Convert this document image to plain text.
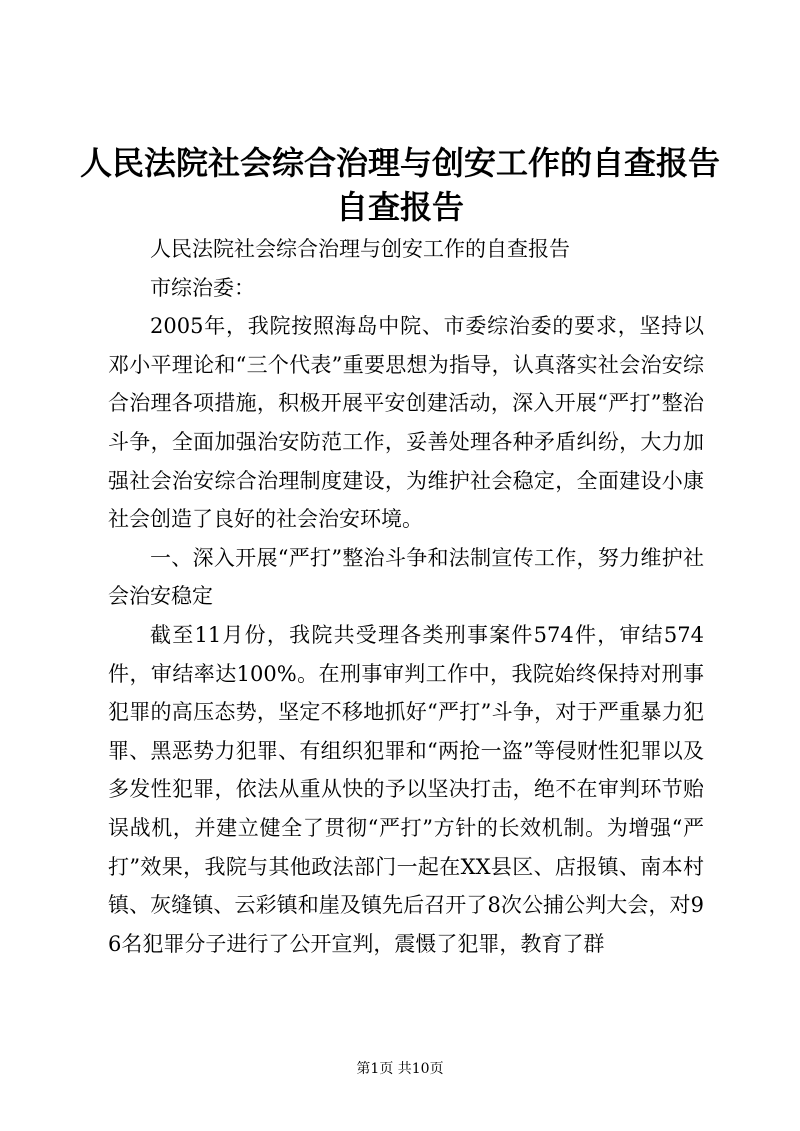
人民法院社会综合治理与创安工作的自查报告
自查报告

人民法院社会综合治理与创安工作的自查报告

市综治委：

2005年，我院按照海岛中院、市委综治委的要求，坚持以邓小平理论和“三个代表”重要思想为指导，认真落实社会治安综合治理各项措施，积极开展平安创建活动，深入开展“严打”整治斗争，全面加强治安防范工作，妥善处理各种矛盾纠纷，大力加强社会治安综合治理制度建设，为维护社会稳定，全面建设小康社会创造了良好的社会治安环境。

一、深入开展“严打”整治斗争和法制宣传工作，努力维护社会治安稳定

截至11月份，我院共受理各类刑事案件574件，审结574件，审结率达100%。在刑事审判工作中，我院始终保持对刑事犯罪的高压态势，坚定不移地抓好“严打”斗争，对于严重暴力犯罪、黑恶势力犯罪、有组织犯罪和“两抢一盗”等侵财性犯罪以及多发性犯罪，依法从重从快的予以坚决打击，绝不在审判环节贻误战机，并建立健全了贯彻“严打”方针的长效机制。为增强“严打”效果，我院与其他政法部门一起在XX县区、店报镇、南本村镇、灰缝镇、云彩镇和崖及镇先后召开了8次公捕公判大会，对96名犯罪分子进行了公开宣判，震慑了犯罪，教育了群

第1页 共10页
